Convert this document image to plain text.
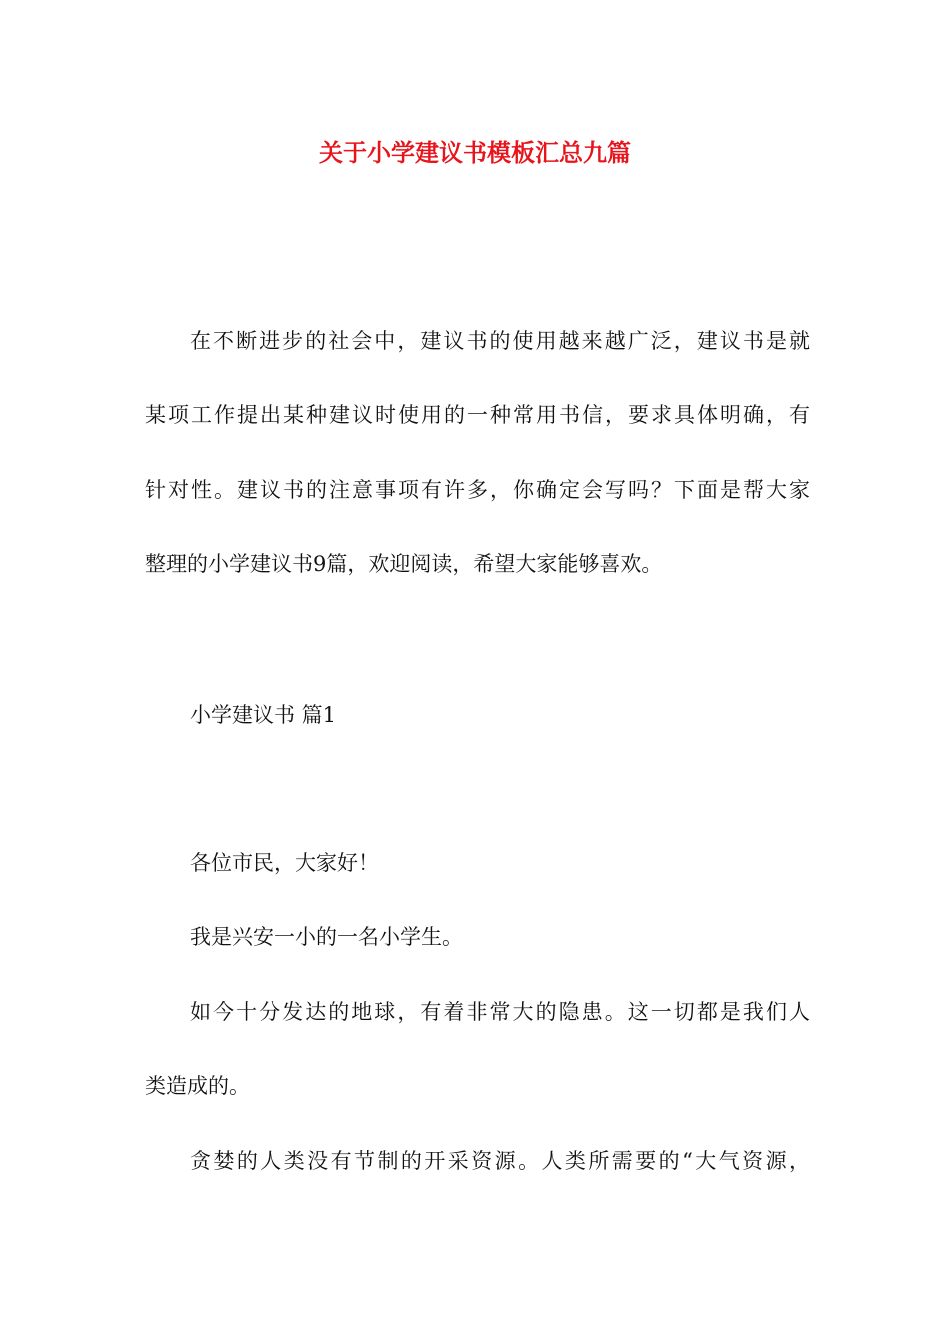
关于小学建议书模板汇总九篇
在不断进步的社会中，建议书的使用越来越广泛，建议书是就
某项工作提出某种建议时使用的一种常用书信，要求具体明确，有
针对性。建议书的注意事项有许多，你确定会写吗？下面是帮大家
整理的小学建议书9篇，欢迎阅读，希望大家能够喜欢。
小学建议书 篇1
各位市民，大家好！
我是兴安一小的一名小学生。
如今十分发达的地球，有着非常大的隐患。这一切都是我们人
类造成的。
贪婪的人类没有节制的开采资源。人类所需要的“大气资源，
